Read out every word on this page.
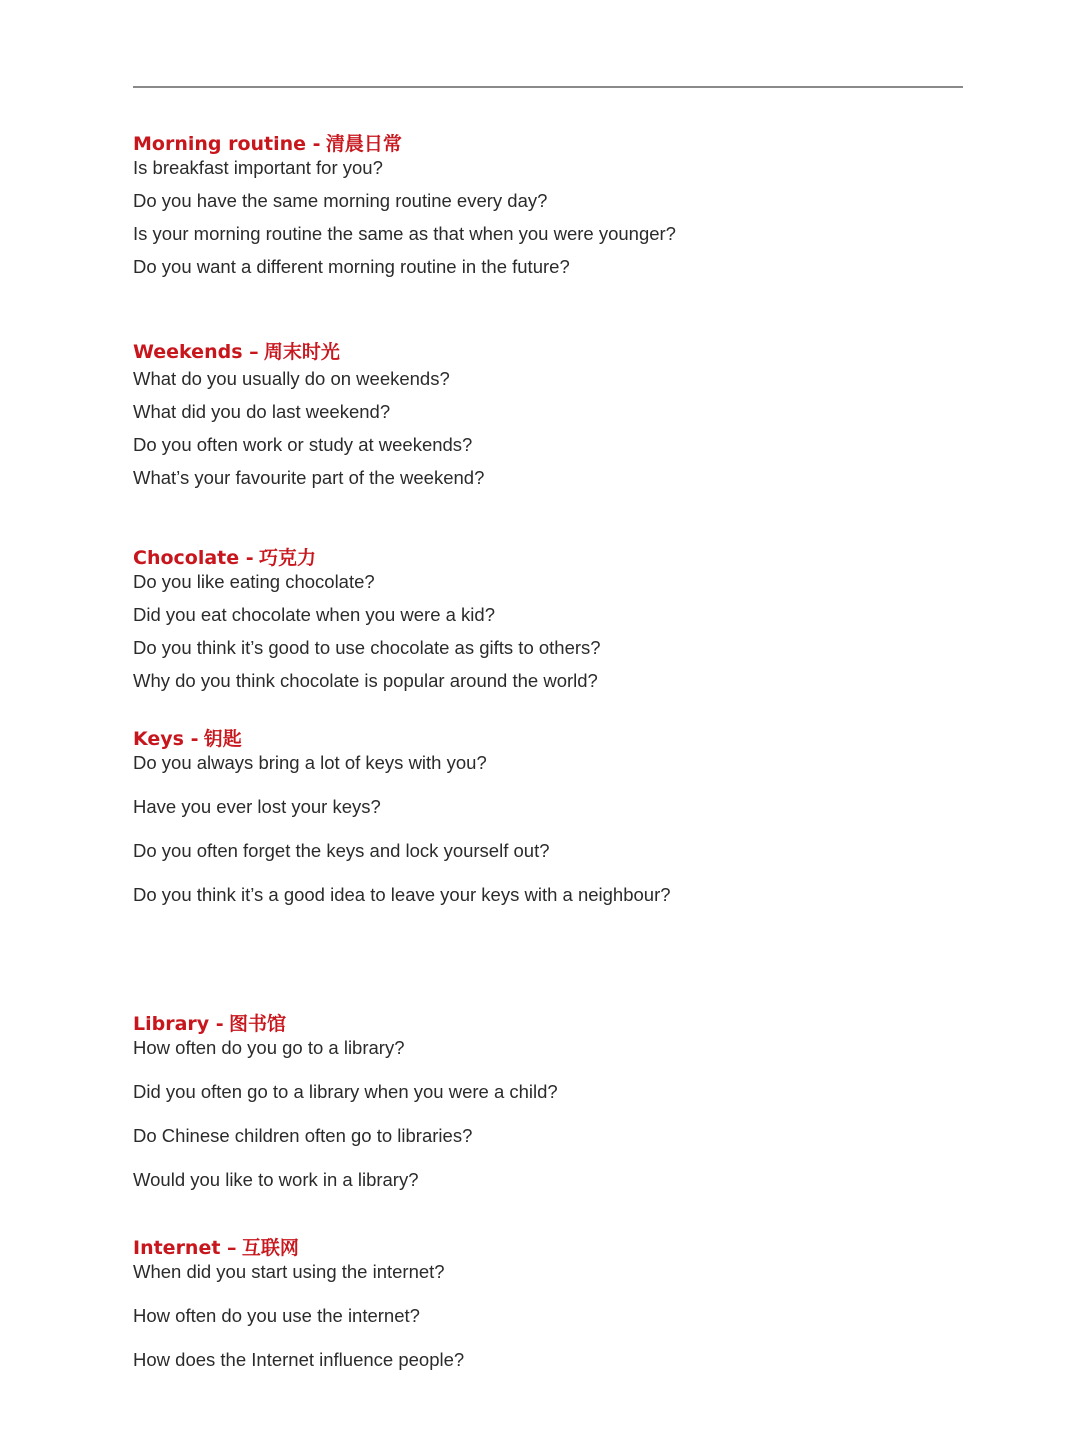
Morning routine - 清晨日常
Is breakfast important for you?
Do you have the same morning routine every day?
Is your morning routine the same as that when you were younger?
Do you want a different morning routine in the future?
Weekends – 周末时光
What do you usually do on weekends?
What did you do last weekend?
Do you often work or study at weekends?
What’s your favourite part of the weekend?
Chocolate - 巧克力
Do you like eating chocolate?
Did you eat chocolate when you were a kid?
Do you think it’s good to use chocolate as gifts to others?
Why do you think chocolate is popular around the world?
Keys - 钥匙
Do you always bring a lot of keys with you?
Have you ever lost your keys?
Do you often forget the keys and lock yourself out?
Do you think it’s a good idea to leave your keys with a neighbour?
Library - 图书馆
How often do you go to a library?
Did you often go to a library when you were a child?
Do Chinese children often go to libraries?
Would you like to work in a library?
Internet – 互联网
When did you start using the internet?
How often do you use the internet?
How does the Internet influence people?
